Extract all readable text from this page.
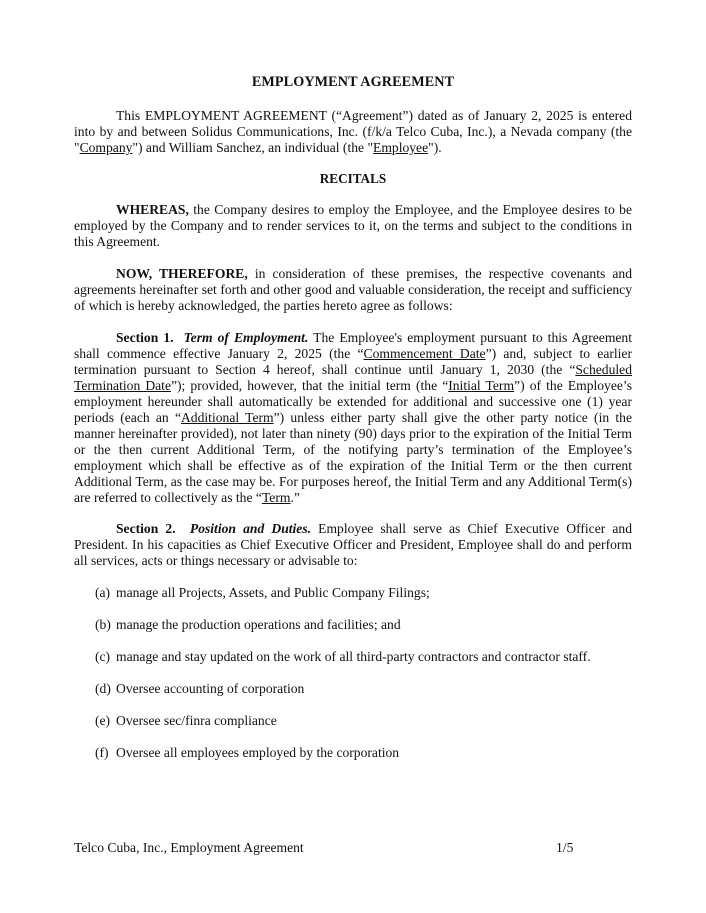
EMPLOYMENT AGREEMENT

This EMPLOYMENT AGREEMENT (“Agreement”) dated as of January 2, 2025 is entered into by and between Solidus Communications, Inc. (f/k/a Telco Cuba, Inc.), a Nevada company (the "Company") and William Sanchez, an individual (the "Employee").

RECITALS

WHEREAS, the Company desires to employ the Employee, and the Employee desires to be employed by the Company and to render services to it, on the terms and subject to the conditions in this Agreement.

NOW, THEREFORE, in consideration of these premises, the respective covenants and agreements hereinafter set forth and other good and valuable consideration, the receipt and sufficiency of which is hereby acknowledged, the parties hereto agree as follows:

Section 1. Term of Employment. The Employee's employment pursuant to this Agreement shall commence effective January 2, 2025 (the “Commencement Date”) and, subject to earlier termination pursuant to Section 4 hereof, shall continue until January 1, 2030 (the “Scheduled Termination Date”); provided, however, that the initial term (the “Initial Term”) of the Employee’s employment hereunder shall automatically be extended for additional and successive one (1) year periods (each an “Additional Term”) unless either party shall give the other party notice (in the manner hereinafter provided), not later than ninety (90) days prior to the expiration of the Initial Term or the then current Additional Term, of the notifying party’s termination of the Employee’s employment which shall be effective as of the expiration of the Initial Term or the then current Additional Term, as the case may be. For purposes hereof, the Initial Term and any Additional Term(s) are referred to collectively as the “Term.”

Section 2. Position and Duties. Employee shall serve as Chief Executive Officer and President. In his capacities as Chief Executive Officer and President, Employee shall do and perform all services, acts or things necessary or advisable to:

(a) manage all Projects, Assets, and Public Company Filings;
(b) manage the production operations and facilities; and
(c) manage and stay updated on the work of all third-party contractors and contractor staff.
(d) Oversee accounting of corporation
(e) Oversee sec/finra compliance
(f) Oversee all employees employed by the corporation
Telco Cuba, Inc., Employment Agreement	1/5
